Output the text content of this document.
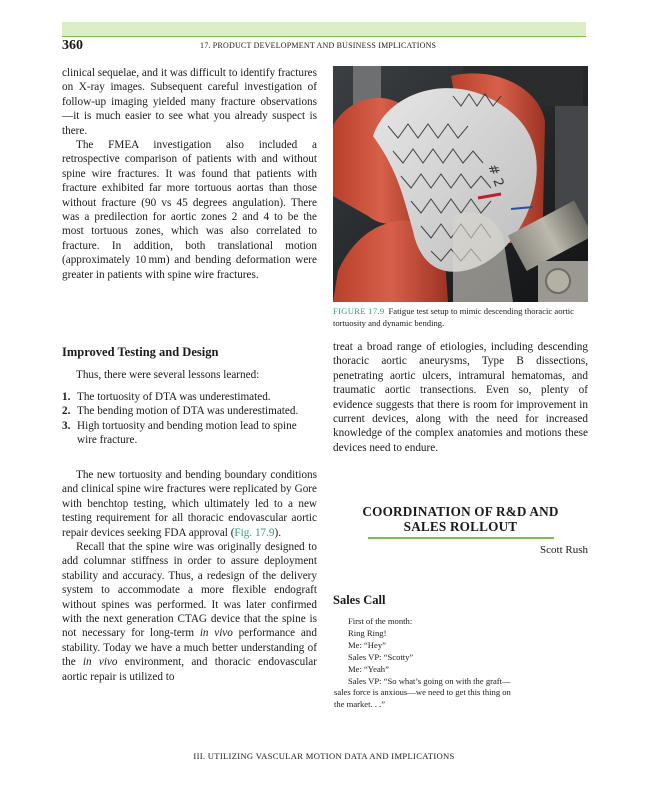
360	17. PRODUCT DEVELOPMENT AND BUSINESS IMPLICATIONS

clinical sequelae, and it was difficult to identify fractures on X-ray images. Subsequent careful investigation of follow-up imaging yielded many fracture observations—it is much easier to see what you already suspect is there.

The FMEA investigation also included a retrospective comparison of patients with and without spine wire fractures. It was found that patients with fracture exhibited far more tortuous aortas than those without fracture (90 vs 45 degrees angulation). There was a predilection for aortic zones 2 and 4 to be the most tortuous zones, which was also correlated to fracture. In addition, both translational motion (approximately 10 mm) and bending deformation were greater in patients with spine wire fractures.

# 2
FIGURE 17.9 Fatigue test setup to mimic descending thoracic aortic tortuosity and dynamic bending.
Improved Testing and Design
Thus, there were several lessons learned:
1. The tortuosity of DTA was underestimated.
2. The bending motion of DTA was underestimated.
3. High tortuosity and bending motion lead to spine wire fracture.

The new tortuosity and bending boundary conditions and clinical spine wire fractures were replicated by Gore with benchtop testing, which ultimately led to a new testing requirement for all thoracic endovascular aortic repair devices seeking FDA approval (Fig. 17.9).

Recall that the spine wire was originally designed to add columnar stiffness in order to assure deployment stability and accuracy. Thus, a redesign of the delivery system to accommodate a more flexible endograft without spines was performed. It was later confirmed with the next generation CTAG device that the spine is not necessary for long-term in vivo performance and stability. Today we have a much better understanding of the in vivo environment, and thoracic endovascular aortic repair is utilized to

treat a broad range of etiologies, including descending thoracic aortic aneurysms, Type B dissections, penetrating aortic ulcers, intramural hematomas, and traumatic aortic transections. Even so, plenty of evidence suggests that there is room for improvement in current devices, along with the need for increased knowledge of the complex anatomies and motions these devices need to endure.
COORDINATION OF R&D AND
SALES ROLLOUT
Scott Rush
Sales Call
First of the month:
Ring Ring!
Me: “Hey”
Sales VP: “Scotty”
Me: “Yeah”
Sales VP: “So what’s going on with the graft—
sales force is anxious—we need to get this thing on
the market. . .”
III. UTILIZING VASCULAR MOTION DATA AND IMPLICATIONS
